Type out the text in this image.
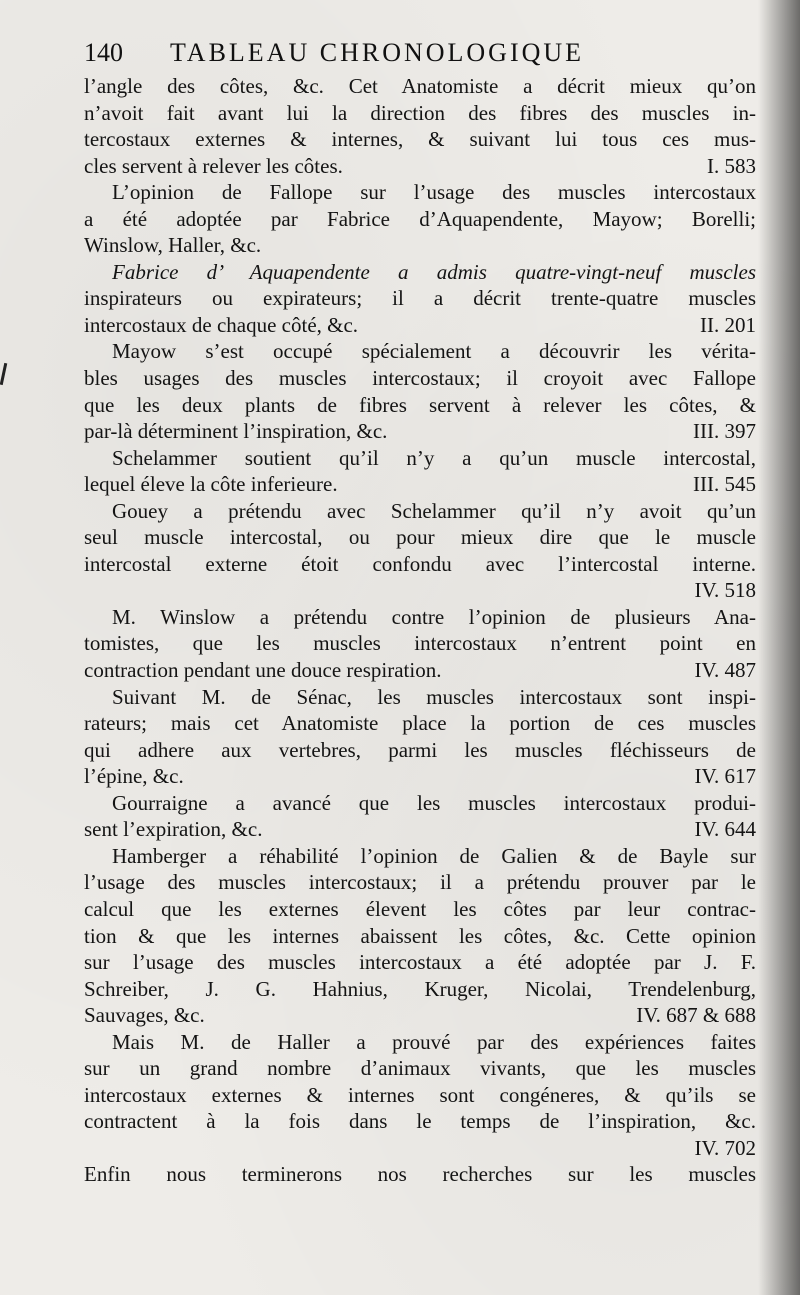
140 TABLEAU CHRONOLOGIQUE
l’angle des côtes, &c. Cet Anatomiste a décrit mieux qu’on
n’avoit fait avant lui la direction des fibres des muscles in-
tercostaux externes & internes, & suivant lui tous ces mus-
cles servent à relever les côtes.	I. 583
L’opinion de Fallope sur l’usage des muscles intercostaux
a été adoptée par Fabrice d’Aquapendente, Mayow; Borelli;
Winslow, Haller, &c.
Fabrice d’ Aquapendente a admis quatre-vingt-neuf muscles
inspirateurs ou expirateurs; il a décrit trente-quatre muscles
intercostaux de chaque côté, &c.	II. 201
Mayow s’est occupé spécialement a découvrir les vérita-
bles usages des muscles intercostaux; il croyoit avec Fallope
que les deux plants de fibres servent à relever les côtes, &
par-là déterminent l’inspiration, &c.	III. 397
Schelammer soutient qu’il n’y a qu’un muscle intercostal,
lequel éleve la côte inferieure.	III. 545
Gouey a prétendu avec Schelammer qu’il n’y avoit qu’un
seul muscle intercostal, ou pour mieux dire que le muscle
intercostal externe étoit confondu avec l’intercostal interne.
IV. 518
M. Winslow a prétendu contre l’opinion de plusieurs Ana-
tomistes, que les muscles intercostaux n’entrent point en
contraction pendant une douce respiration.	IV. 487
Suivant M. de Sénac, les muscles intercostaux sont inspi-
rateurs; mais cet Anatomiste place la portion de ces muscles
qui adhere aux vertebres, parmi les muscles fléchisseurs de
l’épine, &c.	IV. 617
Gourraigne a avancé que les muscles intercostaux produi-
sent l’expiration, &c.	IV. 644
Hamberger a réhabilité l’opinion de Galien & de Bayle sur
l’usage des muscles intercostaux; il a prétendu prouver par le
calcul que les externes élevent les côtes par leur contrac-
tion & que les internes abaissent les côtes, &c. Cette opinion
sur l’usage des muscles intercostaux a été adoptée par J. F.
Schreiber, J. G. Hahnius, Kruger, Nicolai, Trendelenburg,
Sauvages, &c.	IV. 687 & 688
Mais M. de Haller a prouvé par des expériences faites
sur un grand nombre d’animaux vivants, que les muscles
intercostaux externes & internes sont congéneres, & qu’ils se
contractent à la fois dans le temps de l’inspiration, &c.
IV. 702
Enfin nous terminerons nos recherches sur les muscles
